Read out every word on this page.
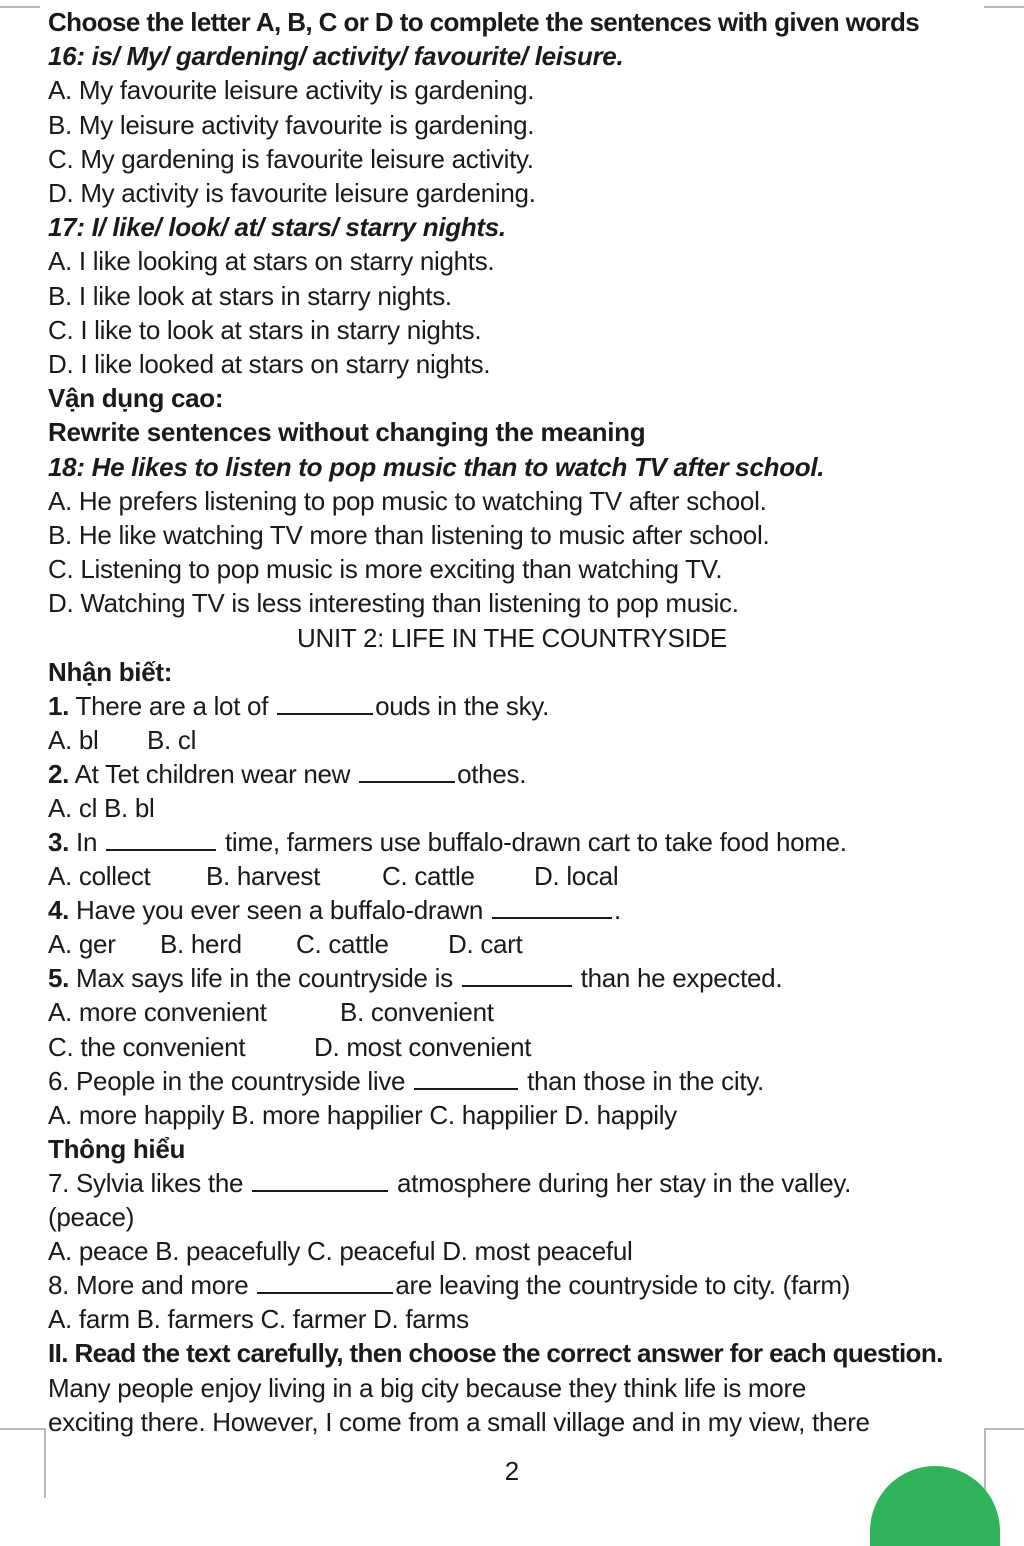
Choose the letter A, B, C or D to complete the sentences with given words
16: is/ My/ gardening/ activity/ favourite/ leisure.
A. My favourite leisure activity is gardening.
B. My leisure activity favourite is gardening.
C. My gardening is favourite leisure activity.
D. My activity is favourite leisure gardening.
17: I/ like/ look/ at/ stars/ starry nights.
A. I like looking at stars on starry nights.
B. I like look at stars in starry nights.
C. I like to look at stars in starry nights.
D. I like looked at stars on starry nights.
Vận dụng cao:
Rewrite sentences without changing the meaning
18: He likes to listen to pop music than to watch TV after school.
A. He prefers listening to pop music to watching TV after school.
B. He like watching TV more than listening to music after school.
C. Listening to pop music is more exciting than watching TV.
D. Watching TV is less interesting than listening to pop music.
UNIT 2: LIFE IN THE COUNTRYSIDE
Nhận biết:
1. There are a lot of	ouds in the sky.
A. bl       B. cl
2. At Tet children wear new	othes.
A. cl B. bl
3. In	time, farmers use buffalo-drawn cart to take food home.
A. collect B. harvest C. cattle D. local
4. Have you ever seen a buffalo-drawn	.
A. ger B. herd C. cattle D. cart
5. Max says life in the countryside is	than he expected.
A. more convenient	B. convenient
C. the convenient	D. most convenient
6. People in the countryside live	than those in the city.
A. more happily B. more happilier C. happilier D. happily
Thông hiểu
7. Sylvia likes the	atmosphere during her stay in the valley.
(peace)
A. peace B. peacefully C. peaceful D. most peaceful
8. More and more	are leaving the countryside to city. (farm)
A. farm B. farmers C. farmer D. farms
II. Read the text carefully, then choose the correct answer for each question.
Many people enjoy living in a big city because they think life is more
exciting there. However, I come from a small village and in my view, there
2
